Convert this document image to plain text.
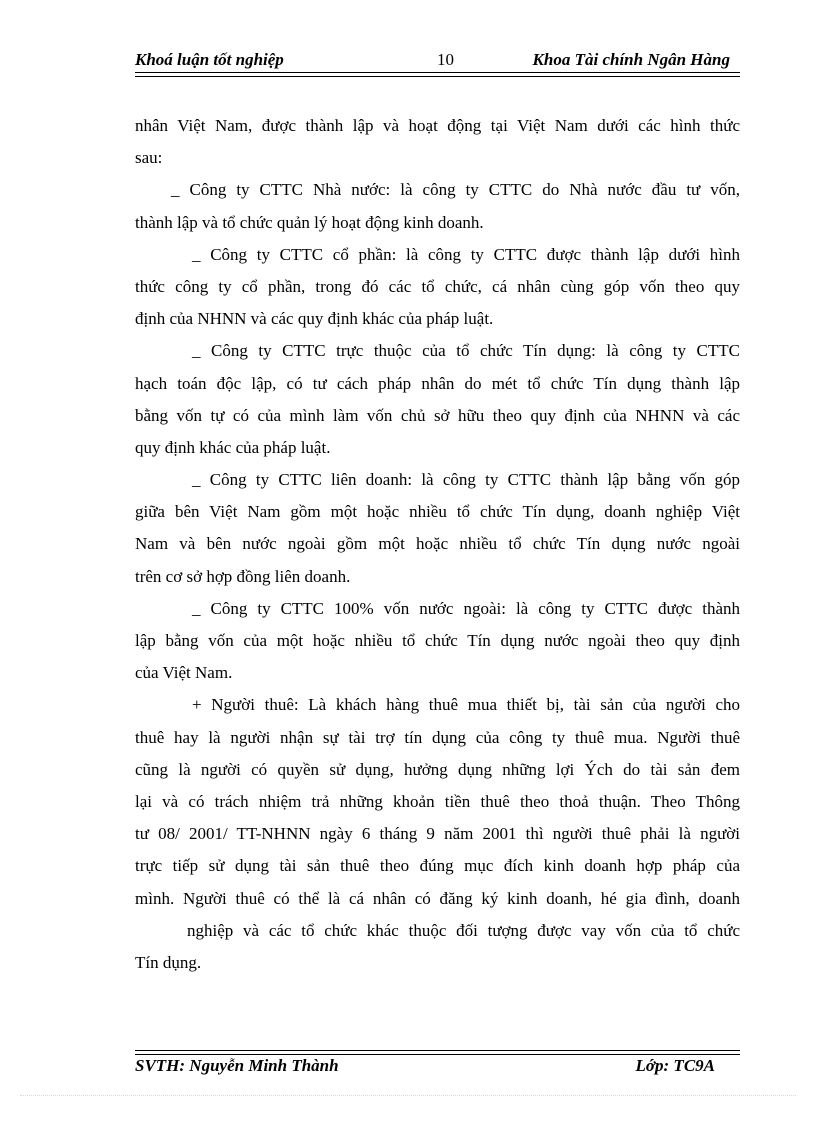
Khoá luận tốt nghiệp	10	Khoa Tài chính Ngân Hàng
nhân Việt Nam, được thành lập và hoạt động tại Việt Nam dưới các hình thức
sau:
_ Công ty CTTC Nhà nước: là công ty CTTC do Nhà nước đầu tư vốn,
thành lập và tổ chức quản lý hoạt động kinh doanh.
_ Công ty CTTC cổ phần: là công ty CTTC được thành lập dưới hình
thức công ty cổ phần, trong đó các tổ chức, cá nhân cùng góp vốn theo quy
định của NHNN và các quy định khác của pháp luật.
_ Công ty CTTC trực thuộc của tổ chức Tín dụng: là công ty CTTC
hạch toán độc lập, có tư cách pháp nhân do mét tổ chức Tín dụng thành lập
bằng vốn tự có của mình làm vốn chủ sở hữu theo quy định của NHNN và các
quy định khác của pháp luật.
_ Công ty CTTC liên doanh: là công ty CTTC thành lập bằng vốn góp
giữa bên Việt Nam gồm một hoặc nhiều tổ chức Tín dụng, doanh nghiệp Việt
Nam và bên nước ngoài gồm một hoặc nhiều tổ chức Tín dụng nước ngoài
trên cơ sở hợp đồng liên doanh.
_ Công ty CTTC 100% vốn nước ngoài: là công ty CTTC được thành
lập bằng vốn của một hoặc nhiều tổ chức Tín dụng nước ngoài theo quy định
của Việt Nam.
+ Người thuê: Là khách hàng thuê mua thiết bị, tài sản của người cho
thuê hay là người nhận sự tài trợ tín dụng của công ty thuê mua. Người thuê
cũng là người có quyền sử dụng, hưởng dụng những lợi Ých do tài sản đem
lại và có trách nhiệm trả những khoản tiền thuê theo thoả thuận. Theo Thông
tư 08/ 2001/ TT-NHNN ngày 6 tháng 9 năm 2001 thì người thuê phải là người
trực tiếp sử dụng tài sản thuê theo đúng mục đích kinh doanh hợp pháp của
mình. Người thuê có thể là cá nhân có đăng ký kinh doanh, hé gia đình, doanh
nghiệp và các tổ chức khác thuộc đối tượng được vay vốn của tổ chức
Tín dụng.
SVTH: Nguyễn Minh Thành	Lớp: TC9A
